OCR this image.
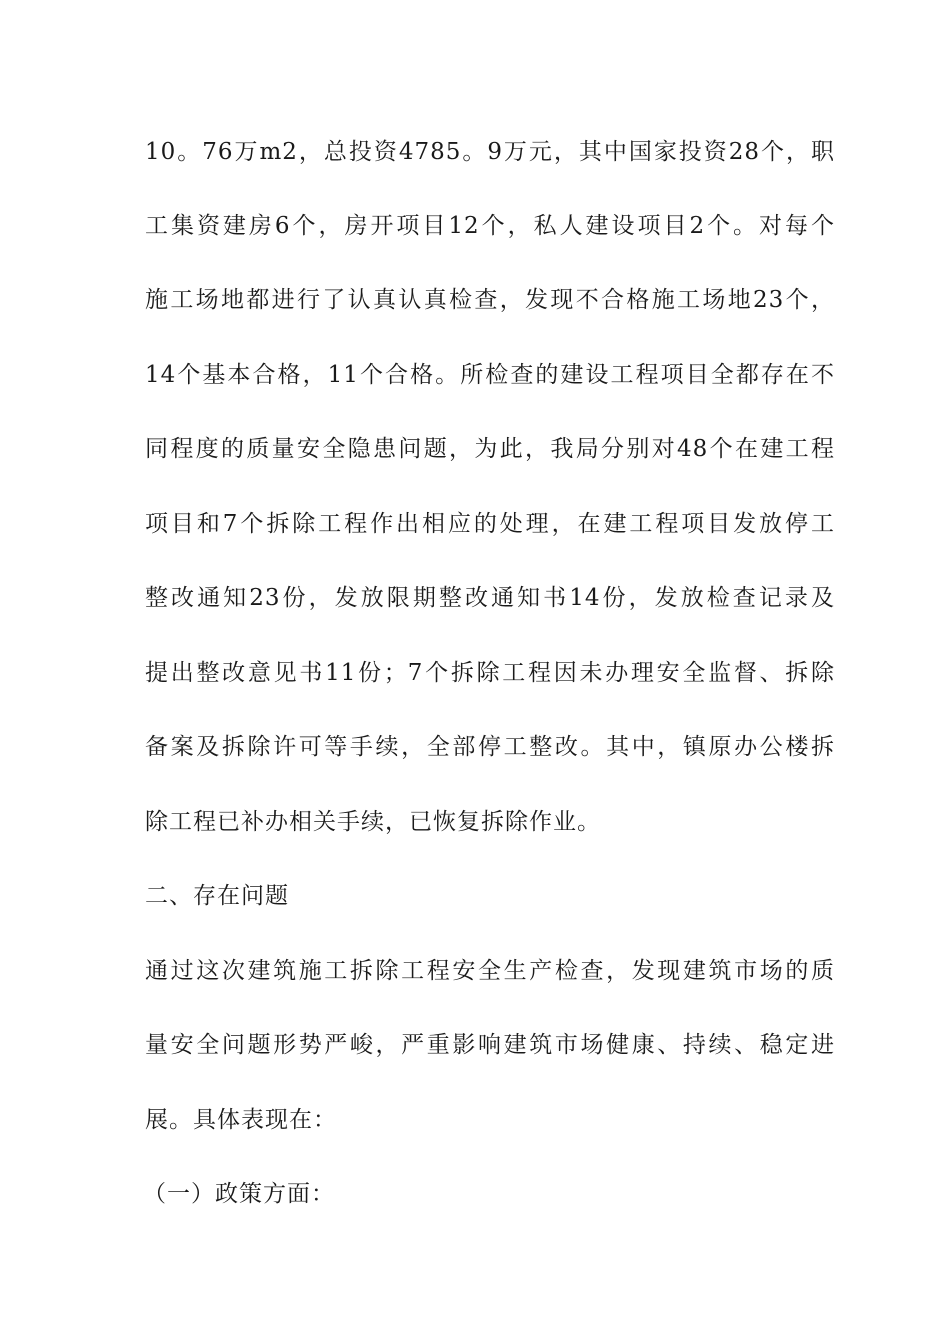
10。76万m2，总投资4785。9万元，其中国家投资28个，职
工集资建房6个，房开项目12个，私人建设项目2个。对每个
施工场地都进行了认真认真检查，发现不合格施工场地23个，
14个基本合格，11个合格。所检查的建设工程项目全都存在不
同程度的质量安全隐患问题，为此，我局分别对48个在建工程
项目和7个拆除工程作出相应的处理，在建工程项目发放停工
整改通知23份，发放限期整改通知书14份，发放检查记录及
提出整改意见书11份；7个拆除工程因未办理安全监督、拆除
备案及拆除许可等手续，全部停工整改。其中，镇原办公楼拆
除工程已补办相关手续，已恢复拆除作业。
二、存在问题
通过这次建筑施工拆除工程安全生产检查，发现建筑市场的质
量安全问题形势严峻，严重影响建筑市场健康、持续、稳定进
展。具体表现在：
（一）政策方面：
